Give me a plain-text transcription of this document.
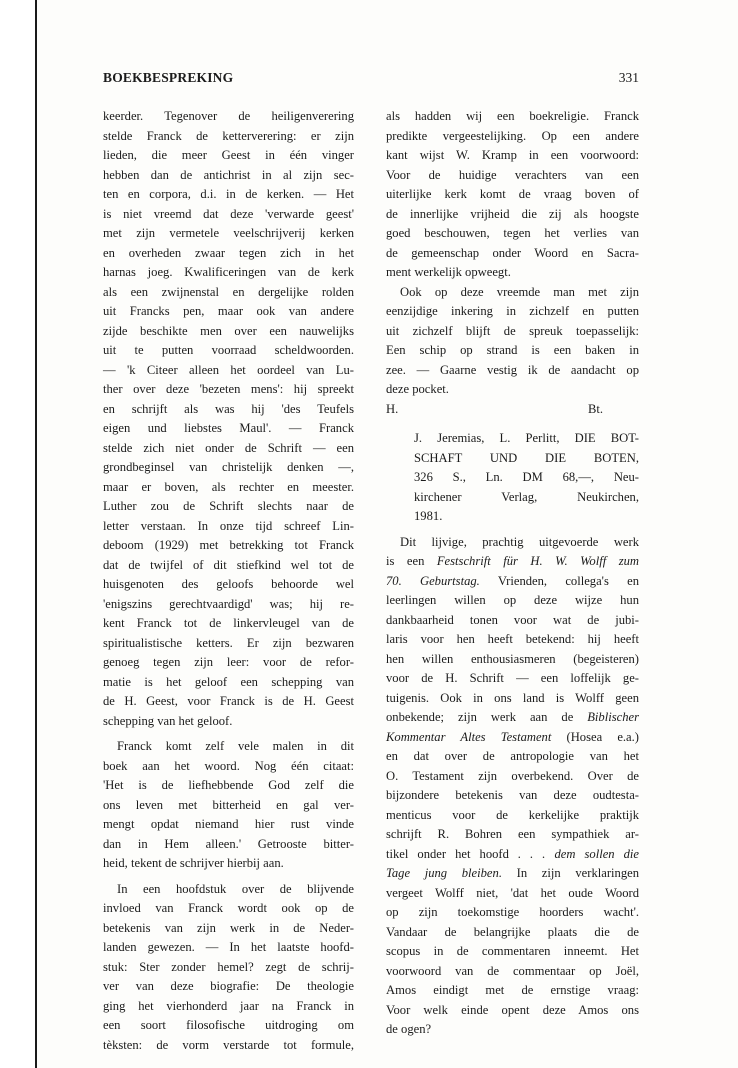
BOEKBESPREKING	331
keerder. Tegenover de heiligenverering
stelde Franck de ketterverering: er zijn
lieden, die meer Geest in één vinger
hebben dan de antichrist in al zijn sec-
ten en corpora, d.i. in de kerken. — Het
is niet vreemd dat deze 'verwarde geest'
met zijn vermetele veelschrijverij kerken
en overheden zwaar tegen zich in het
harnas joeg. Kwalificeringen van de kerk
als een zwijnenstal en dergelijke rolden
uit Francks pen, maar ook van andere
zijde beschikte men over een nauwelijks
uit te putten voorraad scheldwoorden.
— 'k Citeer alleen het oordeel van Lu-
ther over deze 'bezeten mens': hij spreekt
en schrijft als was hij 'des Teufels
eigen und liebstes Maul'. — Franck
stelde zich niet onder de Schrift — een
grondbeginsel van christelijk denken —,
maar er boven, als rechter en meester.
Luther zou de Schrift slechts naar de
letter verstaan. In onze tijd schreef Lin-
deboom (1929) met betrekking tot Franck
dat de twijfel of dit stiefkind wel tot de
huisgenoten des geloofs behoorde wel
'enigszins gerechtvaardigd' was; hij re-
kent Franck tot de linkervleugel van de
spiritualistische ketters. Er zijn bezwaren
genoeg tegen zijn leer: voor de refor-
matie is het geloof een schepping van
de H. Geest, voor Franck is de H. Geest
schepping van het geloof.
Franck komt zelf vele malen in dit
boek aan het woord. Nog één citaat:
'Het is de liefhebbende God zelf die
ons leven met bitterheid en gal ver-
mengt opdat niemand hier rust vinde
dan in Hem alleen.' Getrooste bitter-
heid, tekent de schrijver hierbij aan.
In een hoofdstuk over de blijvende
invloed van Franck wordt ook op de
betekenis van zijn werk in de Neder-
landen gewezen. — In het laatste hoofd-
stuk: Ster zonder hemel? zegt de schrij-
ver van deze biografie: De theologie
ging het vierhonderd jaar na Franck in
een soort filosofische uitdroging om
tèksten: de vorm verstarde tot formule,
als hadden wij een boekreligie. Franck
predikte vergeestelijking. Op een andere
kant wijst W. Kramp in een voorwoord:
Voor de huidige verachters van een
uiterlijke kerk komt de vraag boven of
de innerlijke vrijheid die zij als hoogste
goed beschouwen, tegen het verlies van
de gemeenschap onder Woord en Sacra-
ment werkelijk opweegt.
Ook op deze vreemde man met zijn
eenzijdige inkering in zichzelf en putten
uit zichzelf blijft de spreuk toepasselijk:
Een schip op strand is een baken in
zee. — Gaarne vestig ik de aandacht op
deze pocket.
H.	Bt.
J. Jeremias, L. Perlitt, DIE BOT-
SCHAFT UND DIE BOTEN,
326 S., Ln. DM 68,—, Neu-
kirchener Verlag, Neukirchen,
1981.
Dit lijvige, prachtig uitgevoerde werk
is een Festschrift für H. W. Wolff zum
70. Geburtstag. Vrienden, collega's en
leerlingen willen op deze wijze hun
dankbaarheid tonen voor wat de jubi-
laris voor hen heeft betekend: hij heeft
hen willen enthousiasmeren (begeisteren)
voor de H. Schrift — een loffelijk ge-
tuigenis. Ook in ons land is Wolff geen
onbekende; zijn werk aan de Biblischer
Kommentar Altes Testament (Hosea e.a.)
en dat over de antropologie van het
O. Testament zijn overbekend. Over de
bijzondere betekenis van deze oudtesta-
menticus voor de kerkelijke praktijk
schrijft R. Bohren een sympathiek ar-
tikel onder het hoofd . . . dem sollen die
Tage jung bleiben. In zijn verklaringen
vergeet Wolff niet, 'dat het oude Woord
op zijn toekomstige hoorders wacht'.
Vandaar de belangrijke plaats die de
scopus in de commentaren inneemt. Het
voorwoord van de commentaar op Joël,
Amos eindigt met de ernstige vraag:
Voor welk einde opent deze Amos ons
de ogen?
